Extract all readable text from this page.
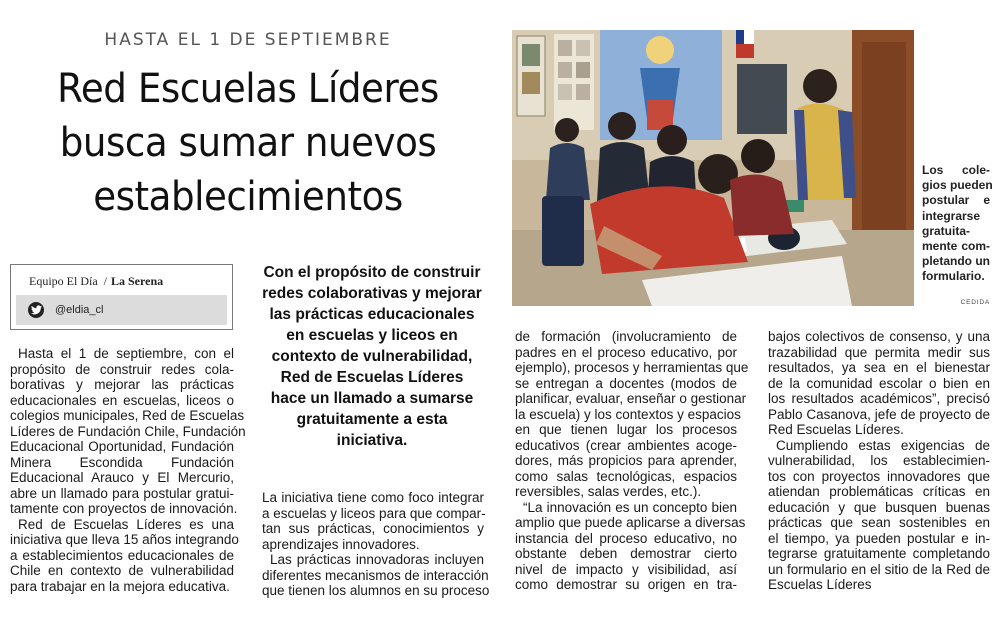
HASTA EL 1 DE SEPTIEMBRE
Red Escuelas Líderes
busca sumar nuevos
establecimientos
Equipo El Día / La Serena
@eldia_cl
Con el propósito de construir
redes colaborativas y mejorar
las prácticas educacionales
en escuelas y liceos en
contexto de vulnerabilidad,
Red de Escuelas Líderes
hace un llamado a sumarse
gratuitamente a esta
iniciativa.
Hasta el 1 de septiembre, con el
propósito de construir redes cola-
borativas y mejorar las prácticas
educacionales en escuelas, liceos o
colegios municipales, Red de Escuelas
Líderes de Fundación Chile, Fundación
Educacional Oportunidad, Fundación
Minera Escondida Fundación
Educacional Arauco y El Mercurio,
abre un llamado para postular gratui-
tamente con proyectos de innovación.
Red de Escuelas Líderes es una
iniciativa que lleva 15 años integrando
a establecimientos educacionales de
Chile en contexto de vulnerabilidad
para trabajar en la mejora educativa.
La iniciativa tiene como foco integrar
a escuelas y liceos para que compar-
tan sus prácticas, conocimientos y
aprendizajes innovadores.
Las prácticas innovadoras incluyen
diferentes mecanismos de interacción
que tienen los alumnos en su proceso
de formación (involucramiento de
padres en el proceso educativo, por
ejemplo), procesos y herramientas que
se entregan a docentes (modos de
planificar, evaluar, enseñar o gestionar
la escuela) y los contextos y espacios
en que tienen lugar los procesos
educativos (crear ambientes acoge-
dores, más propicios para aprender,
como salas tecnológicas, espacios
reversibles, salas verdes, etc.).
“La innovación es un concepto bien
amplio que puede aplicarse a diversas
instancia del proceso educativo, no
obstante deben demostrar cierto
nivel de impacto y visibilidad, así
como demostrar su origen en tra-
bajos colectivos de consenso, y una
trazabilidad que permita medir sus
resultados, ya sea en el bienestar
de la comunidad escolar o bien en
los resultados académicos”, precisó
Pablo Casanova, jefe de proyecto de
Red Escuelas Líderes.
Cumpliendo estas exigencias de
vulnerabilidad, los establecimien-
tos con proyectos innovadores que
atiendan problemáticas críticas en
educación y que busquen buenas
prácticas que sean sostenibles en
el tiempo, ya pueden postular e in-
tegrarse gratuitamente completando
un formulario en el sitio de la Red de
Escuelas Líderes
Los cole-
gios pueden
postular e
integrarse
gratuita-
mente com-
pletando un
formulario.
CEDIDA
